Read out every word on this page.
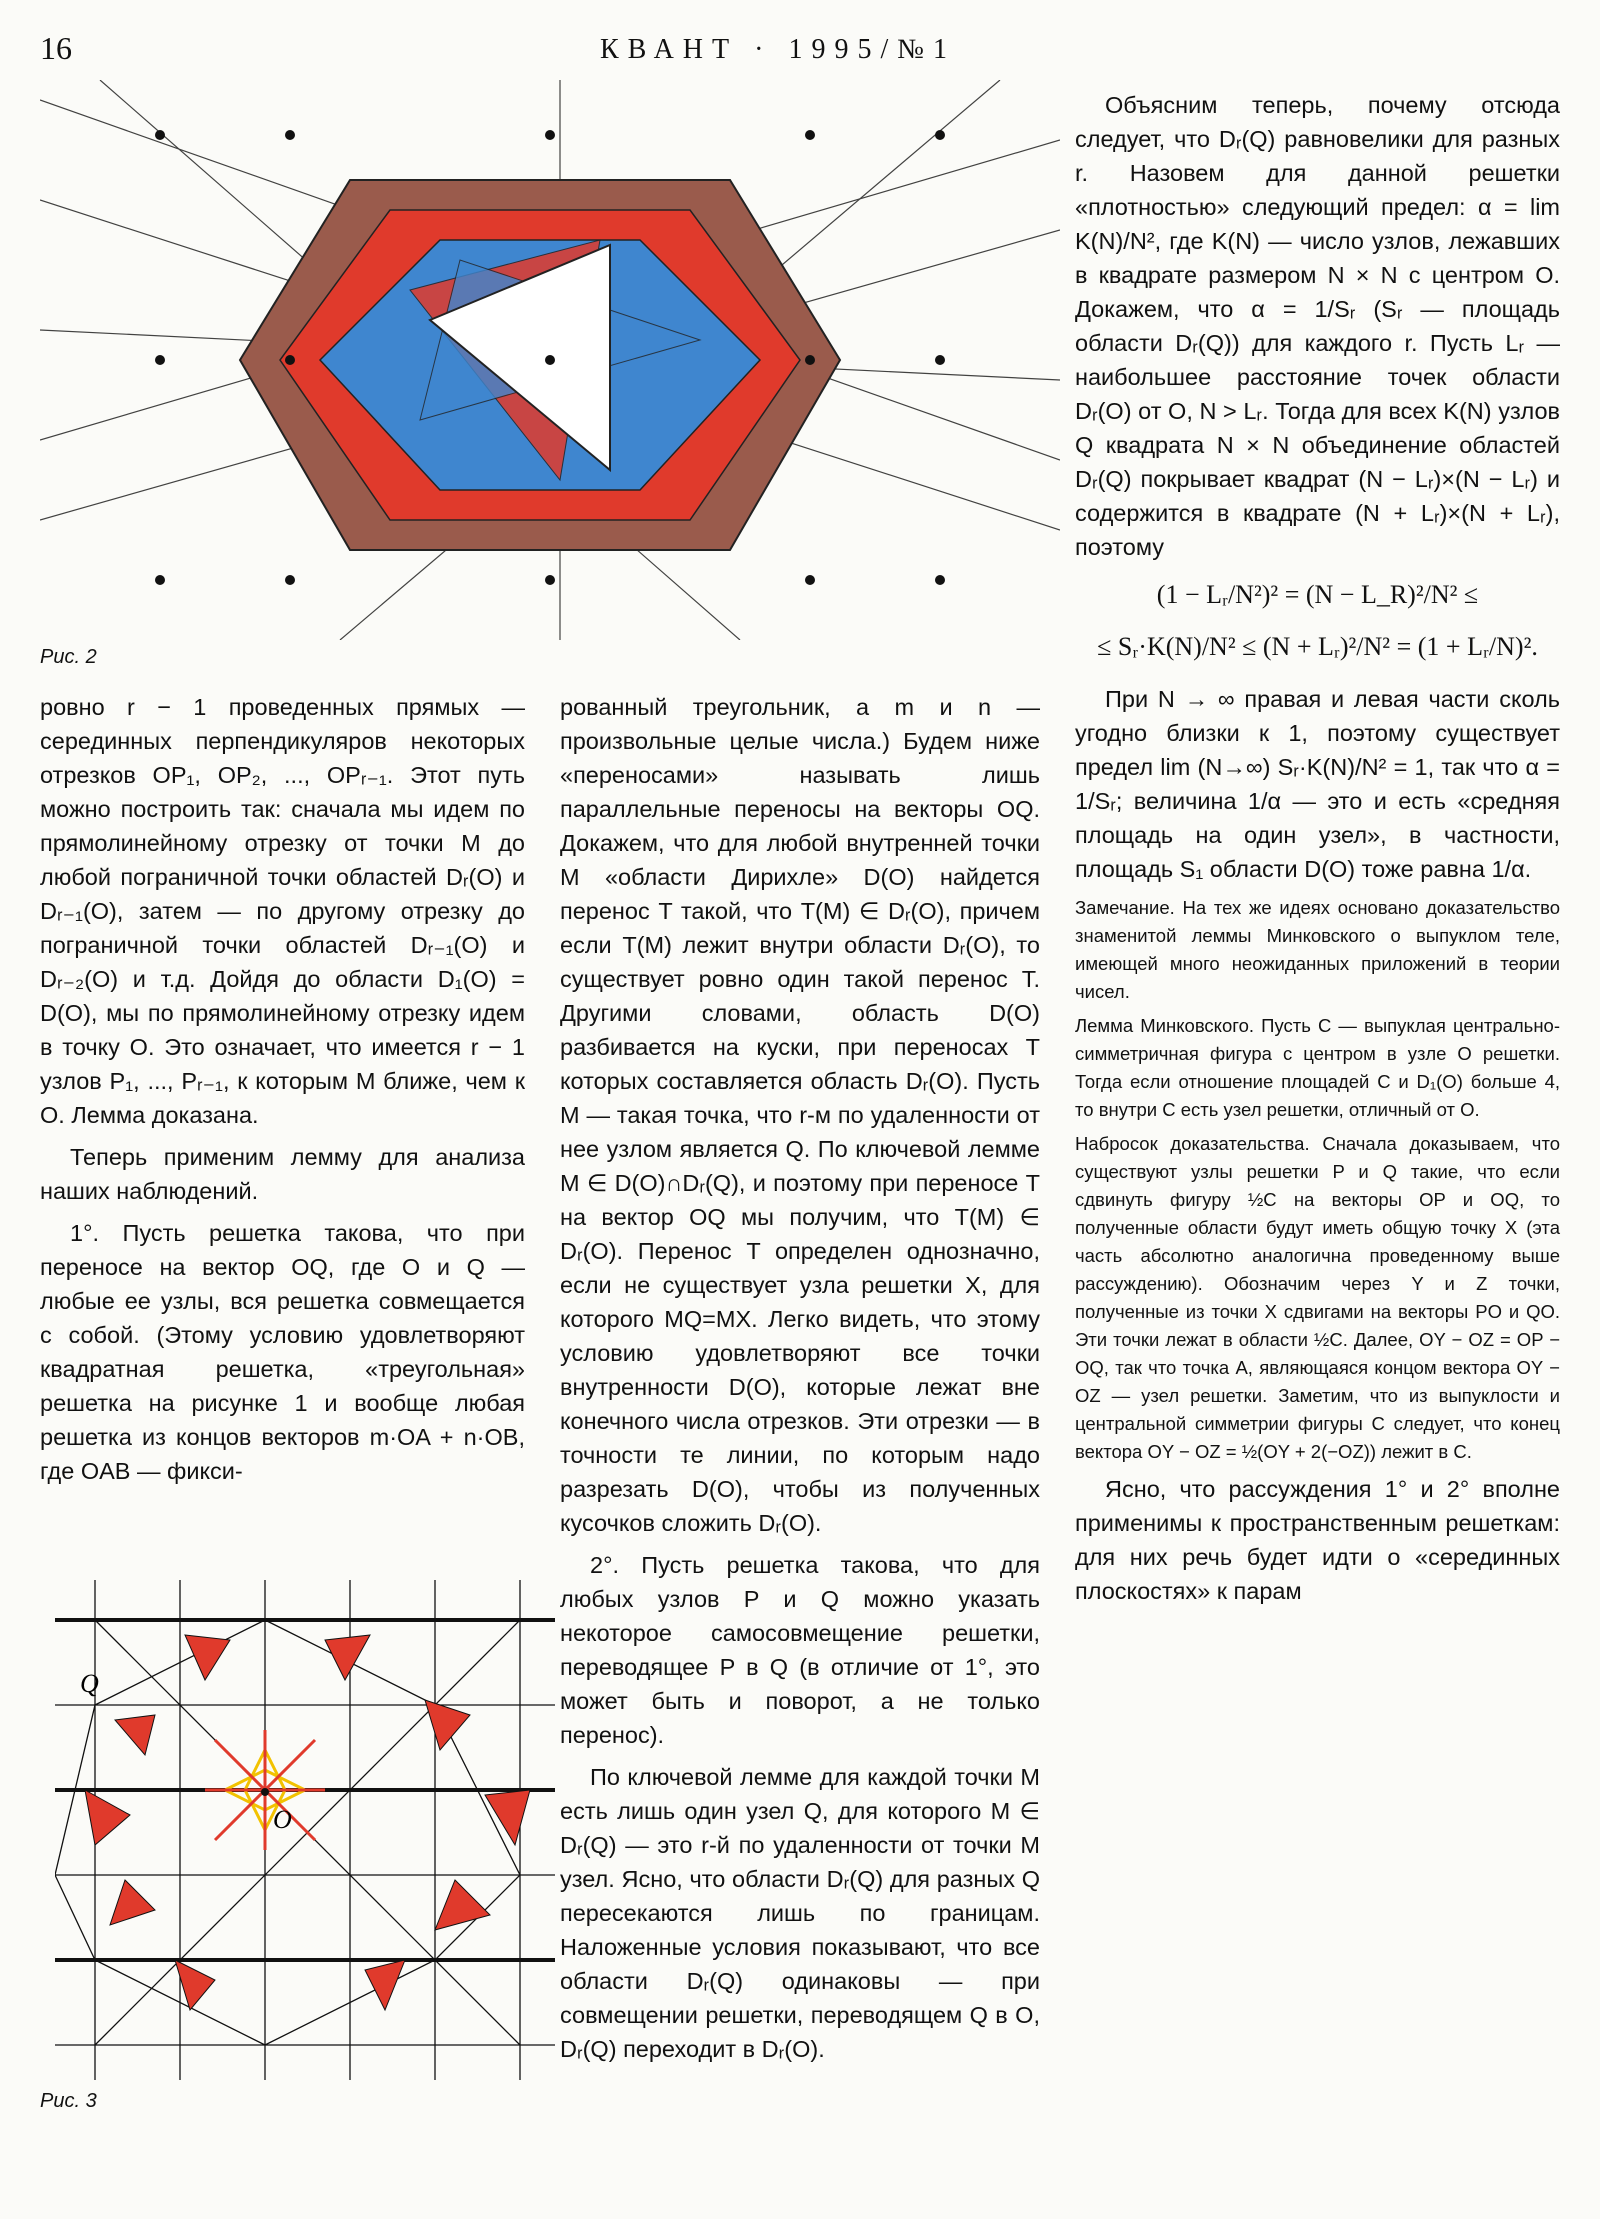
16	КВАНТ · 1995/№1
Рис. 2
Q
O
Рис. 3

ровно r − 1 проведенных прямых — серединных перпендикуляров некоторых отрезков OP₁, OP₂, ..., OPᵣ₋₁. Этот путь можно построить так: сначала мы идем по прямолинейному отрезку от точки M до любой пограничной точки областей Dᵣ(O) и Dᵣ₋₁(O), затем — по другому отрезку до пограничной точки областей Dᵣ₋₁(O) и Dᵣ₋₂(O) и т.д. Дойдя до области D₁(O) = D(O), мы по прямолинейному отрезку идем в точку O. Это означает, что имеется r − 1 узлов P₁, ..., Pᵣ₋₁, к которым M ближе, чем к O. Лемма доказана.

Теперь применим лемму для анализа наших наблюдений.

1°. Пусть решетка такова, что при переносе на вектор OQ, где O и Q — любые ее узлы, вся решетка совмещается с собой. (Этому условию удовлетворяют квадратная решетка, «треугольная» решетка на рисунке 1 и вообще любая решетка из концов векторов m·OA + n·OB, где OAB — фикси-

рованный треугольник, а m и n — произвольные целые числа.) Будем ниже «переносами» называть лишь параллельные переносы на векторы OQ. Докажем, что для любой внутренней точки M «области Дирихле» D(O) найдется перенос T такой, что T(M) ∈ Dᵣ(O), причем если T(M) лежит внутри области Dᵣ(O), то существует ровно один такой перенос T. Другими словами, область D(O) разбивается на куски, при переносах T которых составляется область Dᵣ(O). Пусть M — такая точка, что r-м по удаленности от нее узлом является Q. По ключевой лемме M ∈ D(O)∩Dᵣ(Q), и поэтому при переносе T на вектор OQ мы получим, что T(M) ∈ Dᵣ(O). Перенос T определен однозначно, если не существует узла решетки X, для которого MQ=MX. Легко видеть, что этому условию удовлетворяют все точки внутренности D(O), которые лежат вне конечного числа отрезков. Эти отрезки — в точности те линии, по которым надо разрезать D(O), чтобы из полученных кусочков сложить Dᵣ(O).

2°. Пусть решетка такова, что для любых узлов P и Q можно указать некоторое самосовмещение решетки, переводящее P в Q (в отличие от 1°, это может быть и поворот, а не только перенос).

По ключевой лемме для каждой точки M есть лишь один узел Q, для которого M ∈ Dᵣ(Q) — это r-й по удаленности от точки M узел. Ясно, что области Dᵣ(Q) для разных Q пересекаются лишь по границам. Наложенные условия показывают, что все области Dᵣ(Q) одинаковы — при совмещении решетки, переводящем Q в O, Dᵣ(Q) переходит в Dᵣ(O).

Объясним теперь, почему отсюда следует, что Dᵣ(Q) равновелики для разных r. Назовем для данной решетки «плотностью» следующий предел: α = lim K(N)/N², где K(N) — число узлов, лежавших в квадрате размером N × N с центром O. Докажем, что α = 1/Sᵣ (Sᵣ — площадь области Dᵣ(Q)) для каждого r. Пусть Lᵣ — наибольшее расстояние точек области Dᵣ(O) от O, N > Lᵣ. Тогда для всех K(N) узлов Q квадрата N × N объединение областей Dᵣ(Q) покрывает квадрат (N − Lᵣ)×(N − Lᵣ) и содержится в квадрате (N + Lᵣ)×(N + Lᵣ), поэтому

(1 − Lᵣ/N²)² = (N − L_R)²/N² ≤
≤ Sᵣ·K(N)/N² ≤ (N + Lᵣ)²/N² = (1 + Lᵣ/N)².

При N → ∞ правая и левая части сколь угодно близки к 1, поэтому существует предел lim (N→∞) Sᵣ·K(N)/N² = 1, так что α = 1/Sᵣ; величина 1/α — это и есть «средняя площадь на один узел», в частности, площадь S₁ области D(O) тоже равна 1/α.

Замечание. На тех же идеях основано доказательство знаменитой леммы Минковского о выпуклом теле, имеющей много неожиданных приложений в теории чисел.

Лемма Минковского. Пусть C — выпуклая центрально-симметричная фигура с центром в узле O решетки. Тогда если отношение площадей C и D₁(O) больше 4, то внутри C есть узел решетки, отличный от O.

Набросок доказательства. Сначала доказываем, что существуют узлы решетки P и Q такие, что если сдвинуть фигуру ½C на векторы OP и OQ, то полученные области будут иметь общую точку X (эта часть абсолютно аналогична проведенному выше рассуждению). Обозначим через Y и Z точки, полученные из точки X сдвигами на векторы PO и QO. Эти точки лежат в области ½C. Далее, OY − OZ = OP − OQ, так что точка A, являющаяся концом вектора OY − OZ — узел решетки. Заметим, что из выпуклости и центральной симметрии фигуры C следует, что конец вектора OY − OZ = ½(OY + 2(−OZ)) лежит в C.

Ясно, что рассуждения 1° и 2° вполне применимы к пространственным решеткам: для них речь будет идти о «серединных плоскостях» к парам
